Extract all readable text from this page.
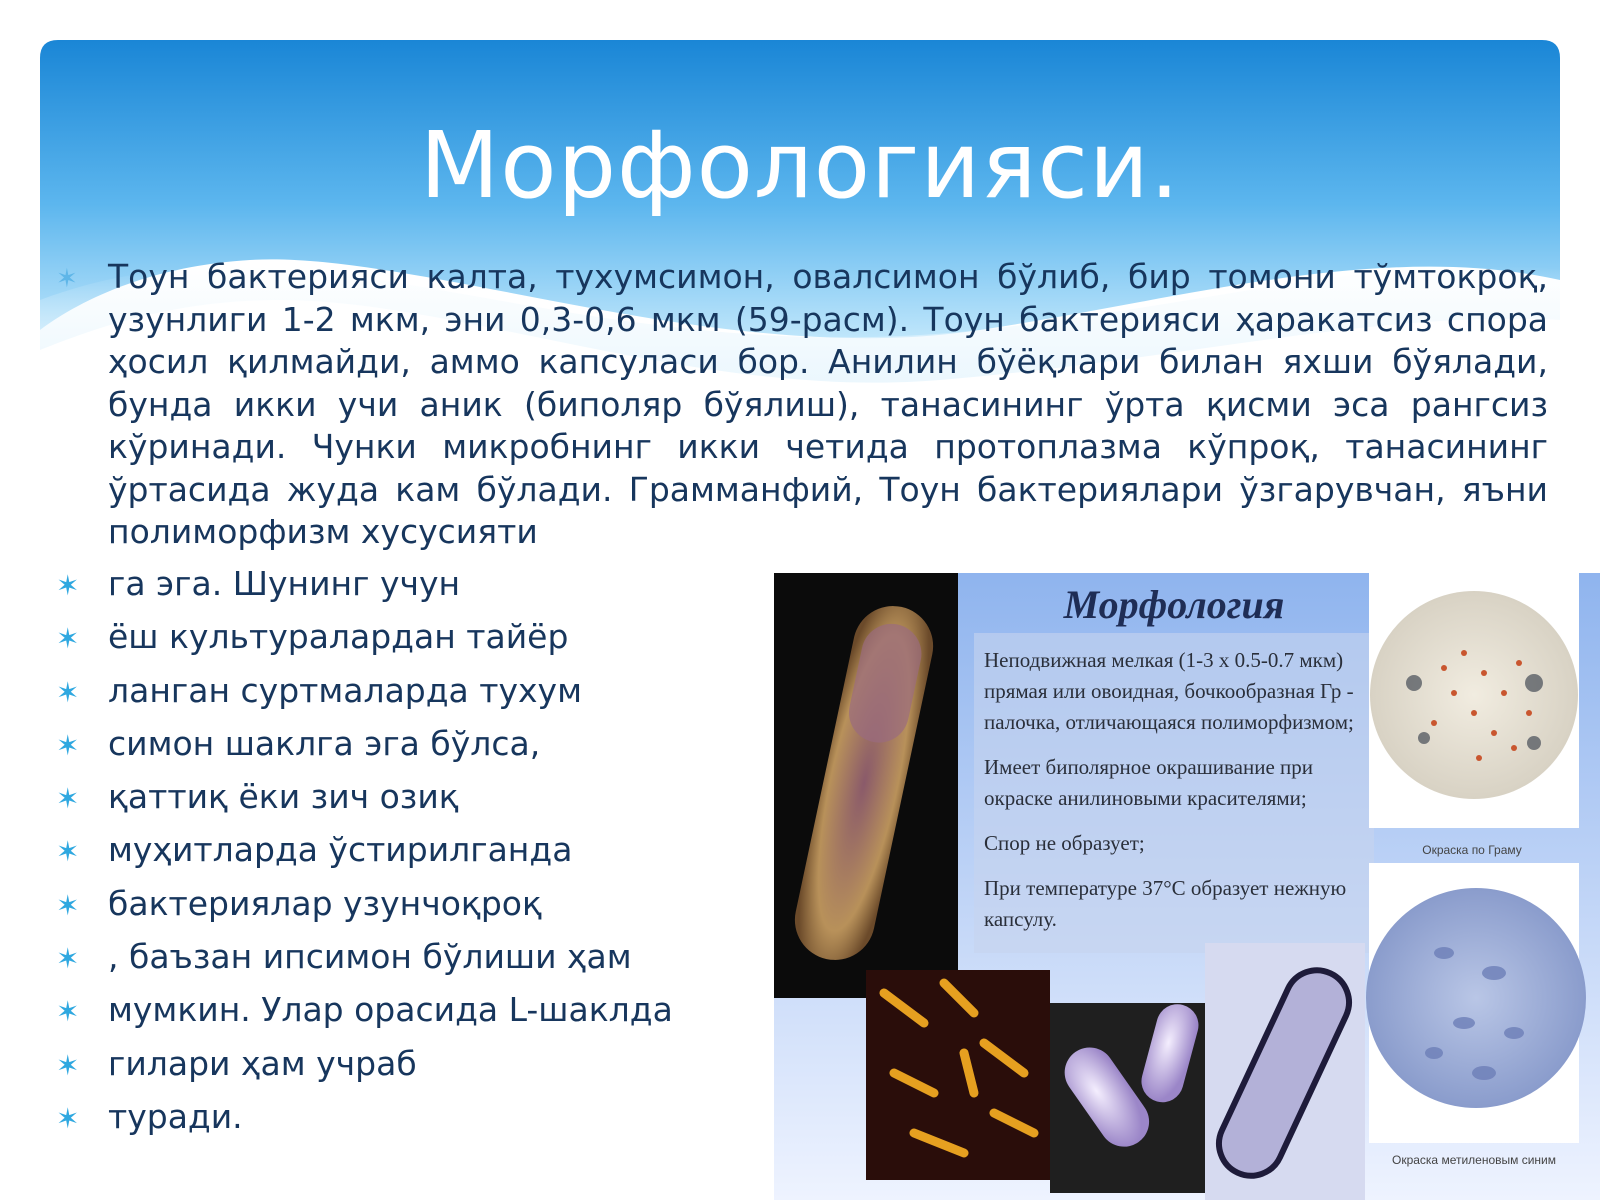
Морфологияси.
✶ Тоун бактерияси калта, тухумсимон, овалсимон бўлиб, бир томони тўмтокроқ, узунлиги 1-2 мкм, эни 0,3-0,6 мкм (59-расм). Тоун бактерияси ҳаракатсиз спора ҳосил қилмайди, аммо капсуласи бор. Анилин бўёқлари билан яхши бўялади, бунда икки учи аник (биполяр бўялиш), танасининг ўрта қисми эса рангсиз кўринади. Чунки микробнинг икки четида протоплазма кўпроқ, танасининг ўртасида жуда кам бўлади. Грамманфий, Тоун бактериялари ўзгарувчан, яъни полиморфизм хусусияти
✶ га эга. Шунинг учун
✶ ёш культуралардан тайёр
✶ ланган суртмаларда тухум
✶ симон шаклга эга бўлса,
✶ қаттиқ ёки зич озиқ
✶ муҳитларда ўстирилганда
✶ бактериялар узунчоқроқ
✶ , баъзан ипсимон бўлиши ҳам
✶ мумкин. Улар орасида L-шаклда
✶ гилари ҳам учраб
✶ туради.
Морфология

Неподвижная мелкая (1-3 х 0.5-0.7 мкм) прямая или овоидная, бочкообразная Гр - палочка, отличающаяся полиморфизмом;

Имеет биполярное окрашивание при окраске анилиновыми красителями;

Спор не образует;

При температуре 37°С образует нежную капсулу.

Окраска по Граму
Окраска метиленовым синим
